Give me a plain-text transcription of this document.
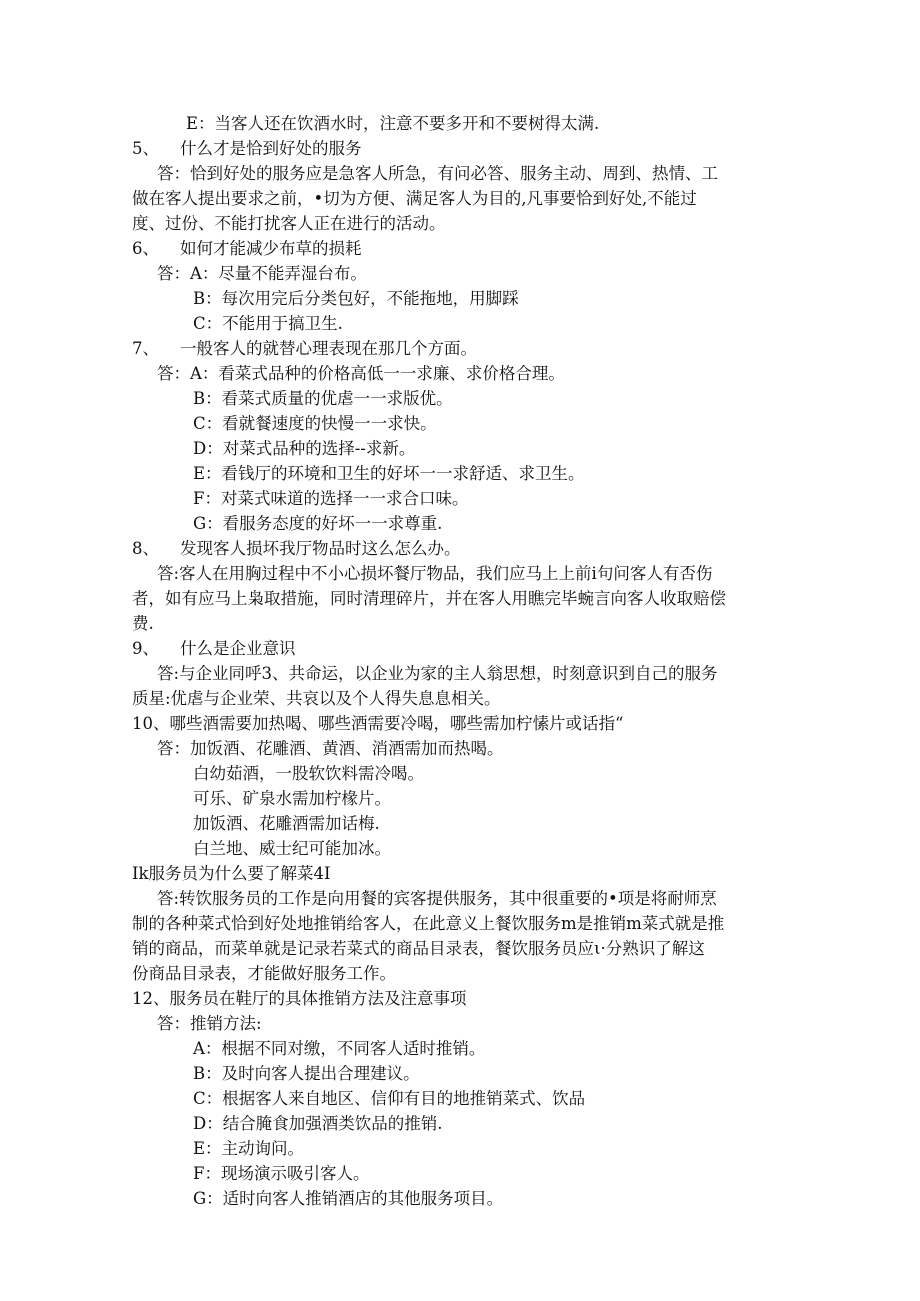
E：当客人还在饮酒水时，注意不要多开和不要树得太满.
5、    什么才是恰到好处的服务
答：恰到好处的服务应是急客人所急，有问必答、服务主动、周到、热情、工
做在客人提出要求之前，•切为方便、满足客人为目的,凡事要恰到好处,不能过
度、过份、不能打扰客人正在进行的活动。
6、    如何才能减少布草的损耗
答：A：尽量不能弄湿台布。
B：每次用完后分类包好，不能拖地，用脚踩
C：不能用于搞卫生.
7、    一般客人的就替心理表现在那几个方面。
答：A：看菜式品种的价格高低一一求廉、求价格合理。
B：看菜式质量的优虐一一求版优。
C：看就餐速度的快慢一一求快。
D：对菜式品种的选择--求新。
E：看钱厅的环境和卫生的好坏一一求舒适、求卫生。
F：对菜式味道的选择一一求合口味。
G：看服务态度的好坏一一求尊重.
8、    发现客人损坏我厅物品时这么怎么办。
答:客人在用胸过程中不小心损坏餐厅物品，我们应马上上前i句问客人有否伤
者，如有应马上枭取措施，同时清理碎片，并在客人用瞧完毕蜿言向客人收取赔偿
费.
9、    什么是企业意识
答:与企业同呼3、共命运，以企业为家的主人翁思想，时刻意识到自己的服务
质星:优虐与企业荣、共哀以及个人得失息息相关。
10、哪些酒需要加热喝、哪些酒需要冷喝，哪些需加柠愫片或话指“
答：加饭酒、花雕酒、黄酒、消酒需加而热喝。
白幼茹酒，一股软饮料需冷喝。
可乐、矿泉水需加柠椽片。
加饭酒、花雕酒需加话梅.
白兰地、威士纪可能加冰。
Ik服务员为什么要了解菜4I
答:转饮服务员的工作是向用餐的宾客提供服务，其中很重要的•项是将耐师烹
制的各种菜式恰到好处地推销给客人，在此意义上餐饮服务m是推销m菜式就是推
销的商品，而菜单就是记录若菜式的商品目录表，餐饮服务员应ι·分熟识了解这
份商品目录表，才能做好服务工作。
12、服务员在鞋厅的具体推销方法及注意事项
答：推销方法:
A：根据不同对缴，不同客人适时推销。
B：及时向客人提出合理建议。
C：根据客人来自地区、信仰有目的地推销菜式、饮品
D：结合腌食加强酒类饮品的推销.
E：主动询问。
F：现场演示吸引客人。
G：适时向客人推销酒店的其他服务项目。
